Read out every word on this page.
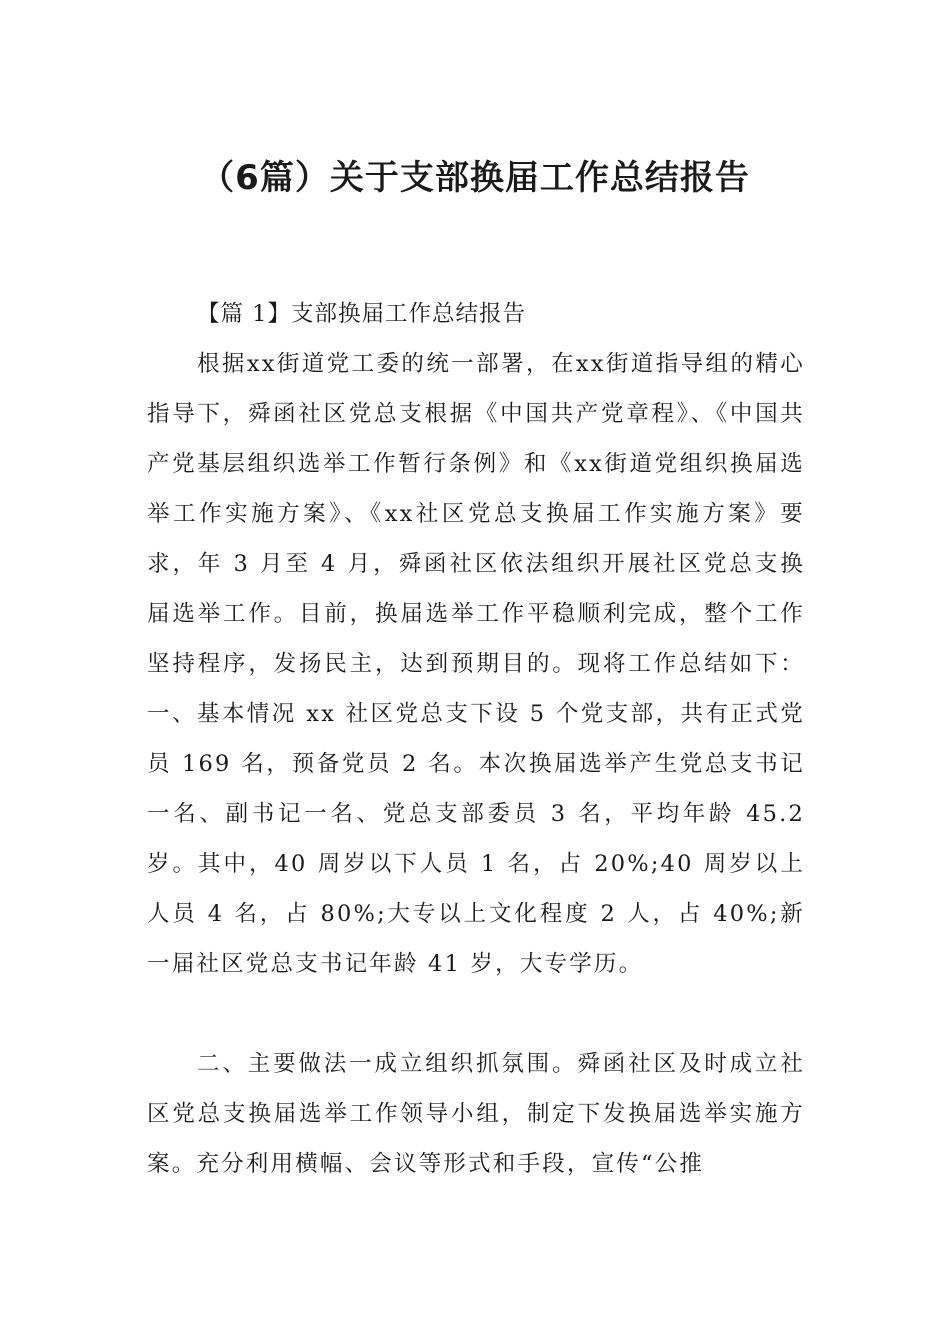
（6篇）关于支部换届工作总结报告

【篇 1】支部换届工作总结报告

根据xx街道党工委的统一部署，在xx街道指导组的精心指导下，舜函社区党总支根据《中国共产党章程》、《中国共产党基层组织选举工作暂行条例》和《xx街道党组织换届选举工作实施方案》、《xx社区党总支换届工作实施方案》要求，年 3 月至 4 月，舜函社区依法组织开展社区党总支换届选举工作。目前，换届选举工作平稳顺利完成，整个工作坚持程序，发扬民主，达到预期目的。现将工作总结如下：一、基本情况 xx 社区党总支下设 5 个党支部，共有正式党员 169 名，预备党员 2 名。本次换届选举产生党总支书记一名、副书记一名、党总支部委员 3 名，平均年龄 45.2 岁。其中，40 周岁以下人员 1 名，占 20%;40 周岁以上人员 4 名，占 80%;大专以上文化程度 2 人，占 40%;新一届社区党总支书记年龄 41 岁，大专学历。

二、主要做法一成立组织抓氛围。舜函社区及时成立社区党总支换届选举工作领导小组，制定下发换届选举实施方案。充分利用横幅、会议等形式和手段，宣传“公推
